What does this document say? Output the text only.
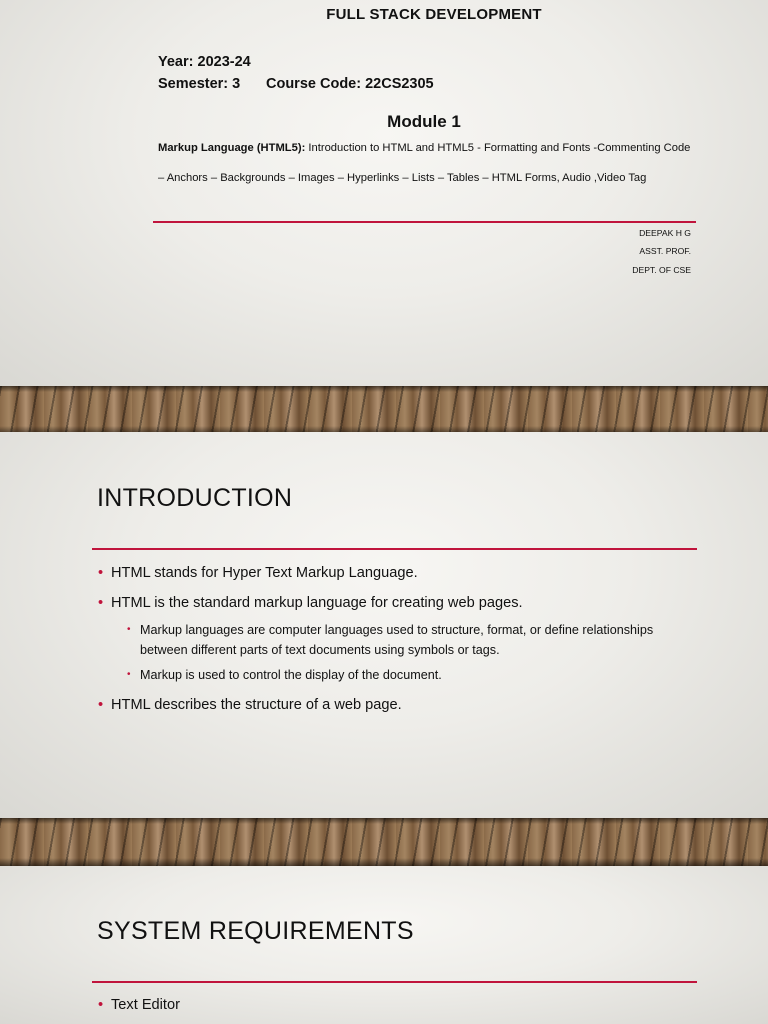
FULL STACK DEVELOPMENT
Year: 2023-24
Semester: 3 Course Code: 22CS2305
Module 1
Markup Language (HTML5): Introduction to HTML and HTML5 - Formatting and Fonts -Commenting Code – Anchors – Backgrounds – Images – Hyperlinks – Lists – Tables – HTML Forms, Audio ,Video Tag
DEEPAK H G
ASST. PROF.
DEPT. OF CSE
INTRODUCTION
• HTML stands for Hyper Text Markup Language.
• HTML is the standard markup language for creating web pages.
• Markup languages are computer languages used to structure, format, or define relationships between different parts of text documents using symbols or tags.
• Markup is used to control the display of the document.
• HTML describes the structure of a web page.
SYSTEM REQUIREMENTS
• Text Editor
